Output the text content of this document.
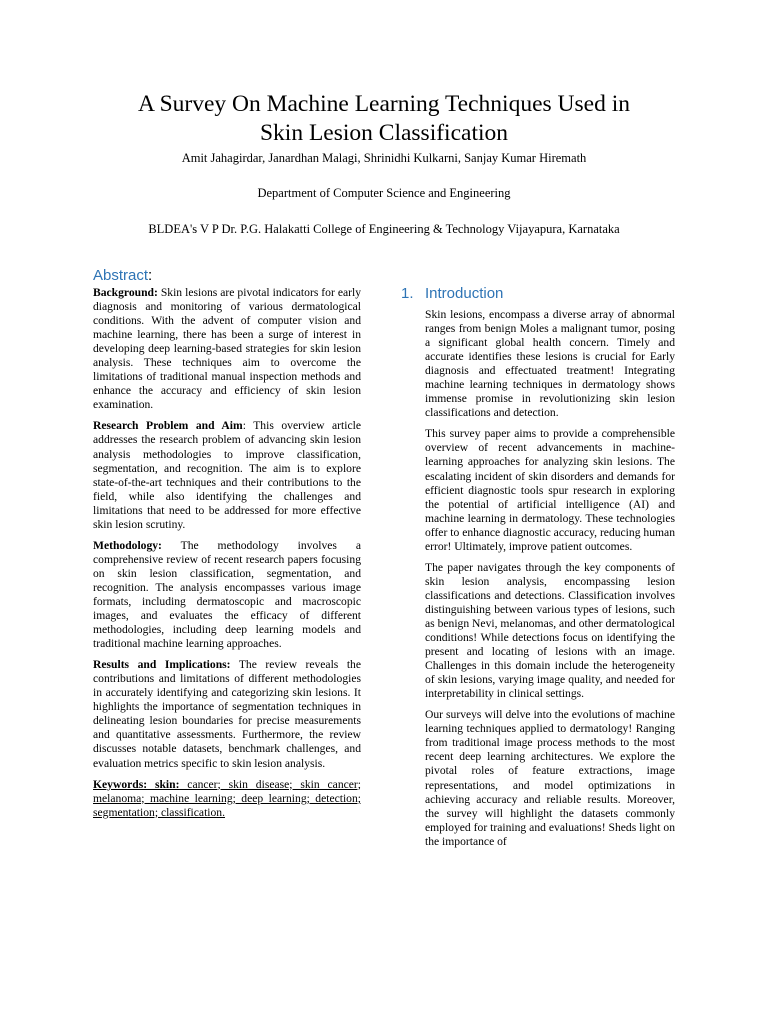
A Survey On Machine Learning Techniques Used in
Skin Lesion Classification
Amit Jahagirdar, Janardhan Malagi, Shrinidhi Kulkarni, Sanjay Kumar Hiremath
Department of Computer Science and Engineering
BLDEA's V P Dr. P.G. Halakatti College of Engineering & Technology Vijayapura, Karnataka
Abstract:

Background: Skin lesions are pivotal indicators for early diagnosis and monitoring of various dermatological conditions. With the advent of computer vision and machine learning, there has been a surge of interest in developing deep learning-based strategies for skin lesion analysis. These techniques aim to overcome the limitations of traditional manual inspection methods and enhance the accuracy and efficiency of skin lesion examination.

Research Problem and Aim: This overview article addresses the research problem of advancing skin lesion analysis methodologies to improve classification, segmentation, and recognition. The aim is to explore state-of-the-art techniques and their contributions to the field, while also identifying the challenges and limitations that need to be addressed for more effective skin lesion scrutiny.

Methodology: The methodology involves a comprehensive review of recent research papers focusing on skin lesion classification, segmentation, and recognition. The analysis encompasses various image formats, including dermatoscopic and macroscopic images, and evaluates the efficacy of different methodologies, including deep learning models and traditional machine learning approaches.

Results and Implications: The review reveals the contributions and limitations of different methodologies in accurately identifying and categorizing skin lesions. It highlights the importance of segmentation techniques in delineating lesion boundaries for precise measurements and quantitative assessments. Furthermore, the review discusses notable datasets, benchmark challenges, and evaluation metrics specific to skin lesion analysis.

Keywords: skin: cancer; skin disease; skin cancer; melanoma; machine learning; deep learning; detection; segmentation; classification.

1. Introduction

Skin lesions, encompass a diverse array of abnormal ranges from benign Moles a malignant tumor, posing a significant global health concern. Timely and accurate identifies these lesions is crucial for Early diagnosis and effectuated treatment! Integrating machine learning techniques in dermatology shows immense promise in revolutionizing skin lesion classifications and detection.

This survey paper aims to provide a comprehensible overview of recent advancements in machine-learning approaches for analyzing skin lesions. The escalating incident of skin disorders and demands for efficient diagnostic tools spur research in exploring the potential of artificial intelligence (AI) and machine learning in dermatology. These technologies offer to enhance diagnostic accuracy, reducing human error! Ultimately, improve patient outcomes.

The paper navigates through the key components of skin lesion analysis, encompassing lesion classifications and detections. Classification involves distinguishing between various types of lesions, such as benign Nevi, melanomas, and other dermatological conditions! While detections focus on identifying the present and locating of lesions with an image. Challenges in this domain include the heterogeneity of skin lesions, varying image quality, and needed for interpretability in clinical settings.

Our surveys will delve into the evolutions of machine learning techniques applied to dermatology! Ranging from traditional image process methods to the most recent deep learning architectures. We explore the pivotal roles of feature extractions, image representations, and model optimizations in achieving accuracy and reliable results. Moreover, the survey will highlight the datasets commonly employed for training and evaluations! Sheds light on the importance of
